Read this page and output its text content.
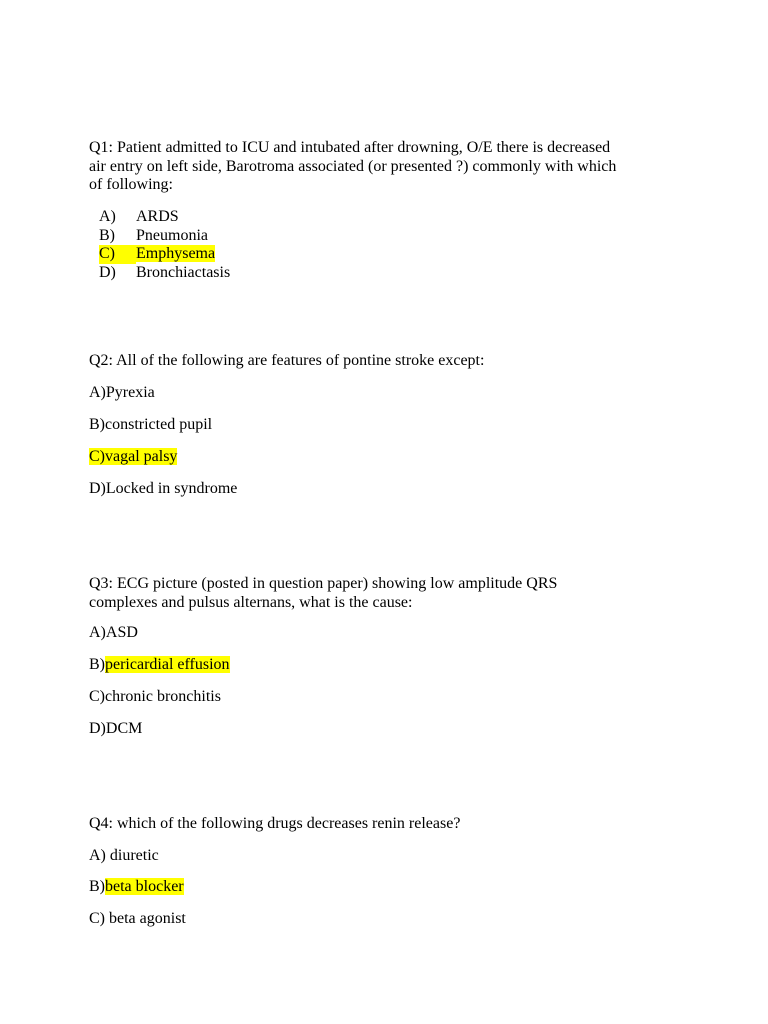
Q1: Patient admitted to ICU and intubated after drowning, O/E there is decreased
air entry on left side, Barotroma associated (or presented ?) commonly with which
of following:
A) ARDS
B) Pneumonia
C) Emphysema
D) Bronchiactasis
Q2: All of the following are features of pontine stroke except:
A)Pyrexia
B)constricted pupil
C)vagal palsy
D)Locked in syndrome
Q3: ECG picture (posted in question paper) showing low amplitude QRS
complexes and pulsus alternans, what is the cause:
A)ASD
B)pericardial effusion
C)chronic bronchitis
D)DCM
Q4: which of the following drugs decreases renin release?
A) diuretic
B)beta blocker
C) beta agonist
